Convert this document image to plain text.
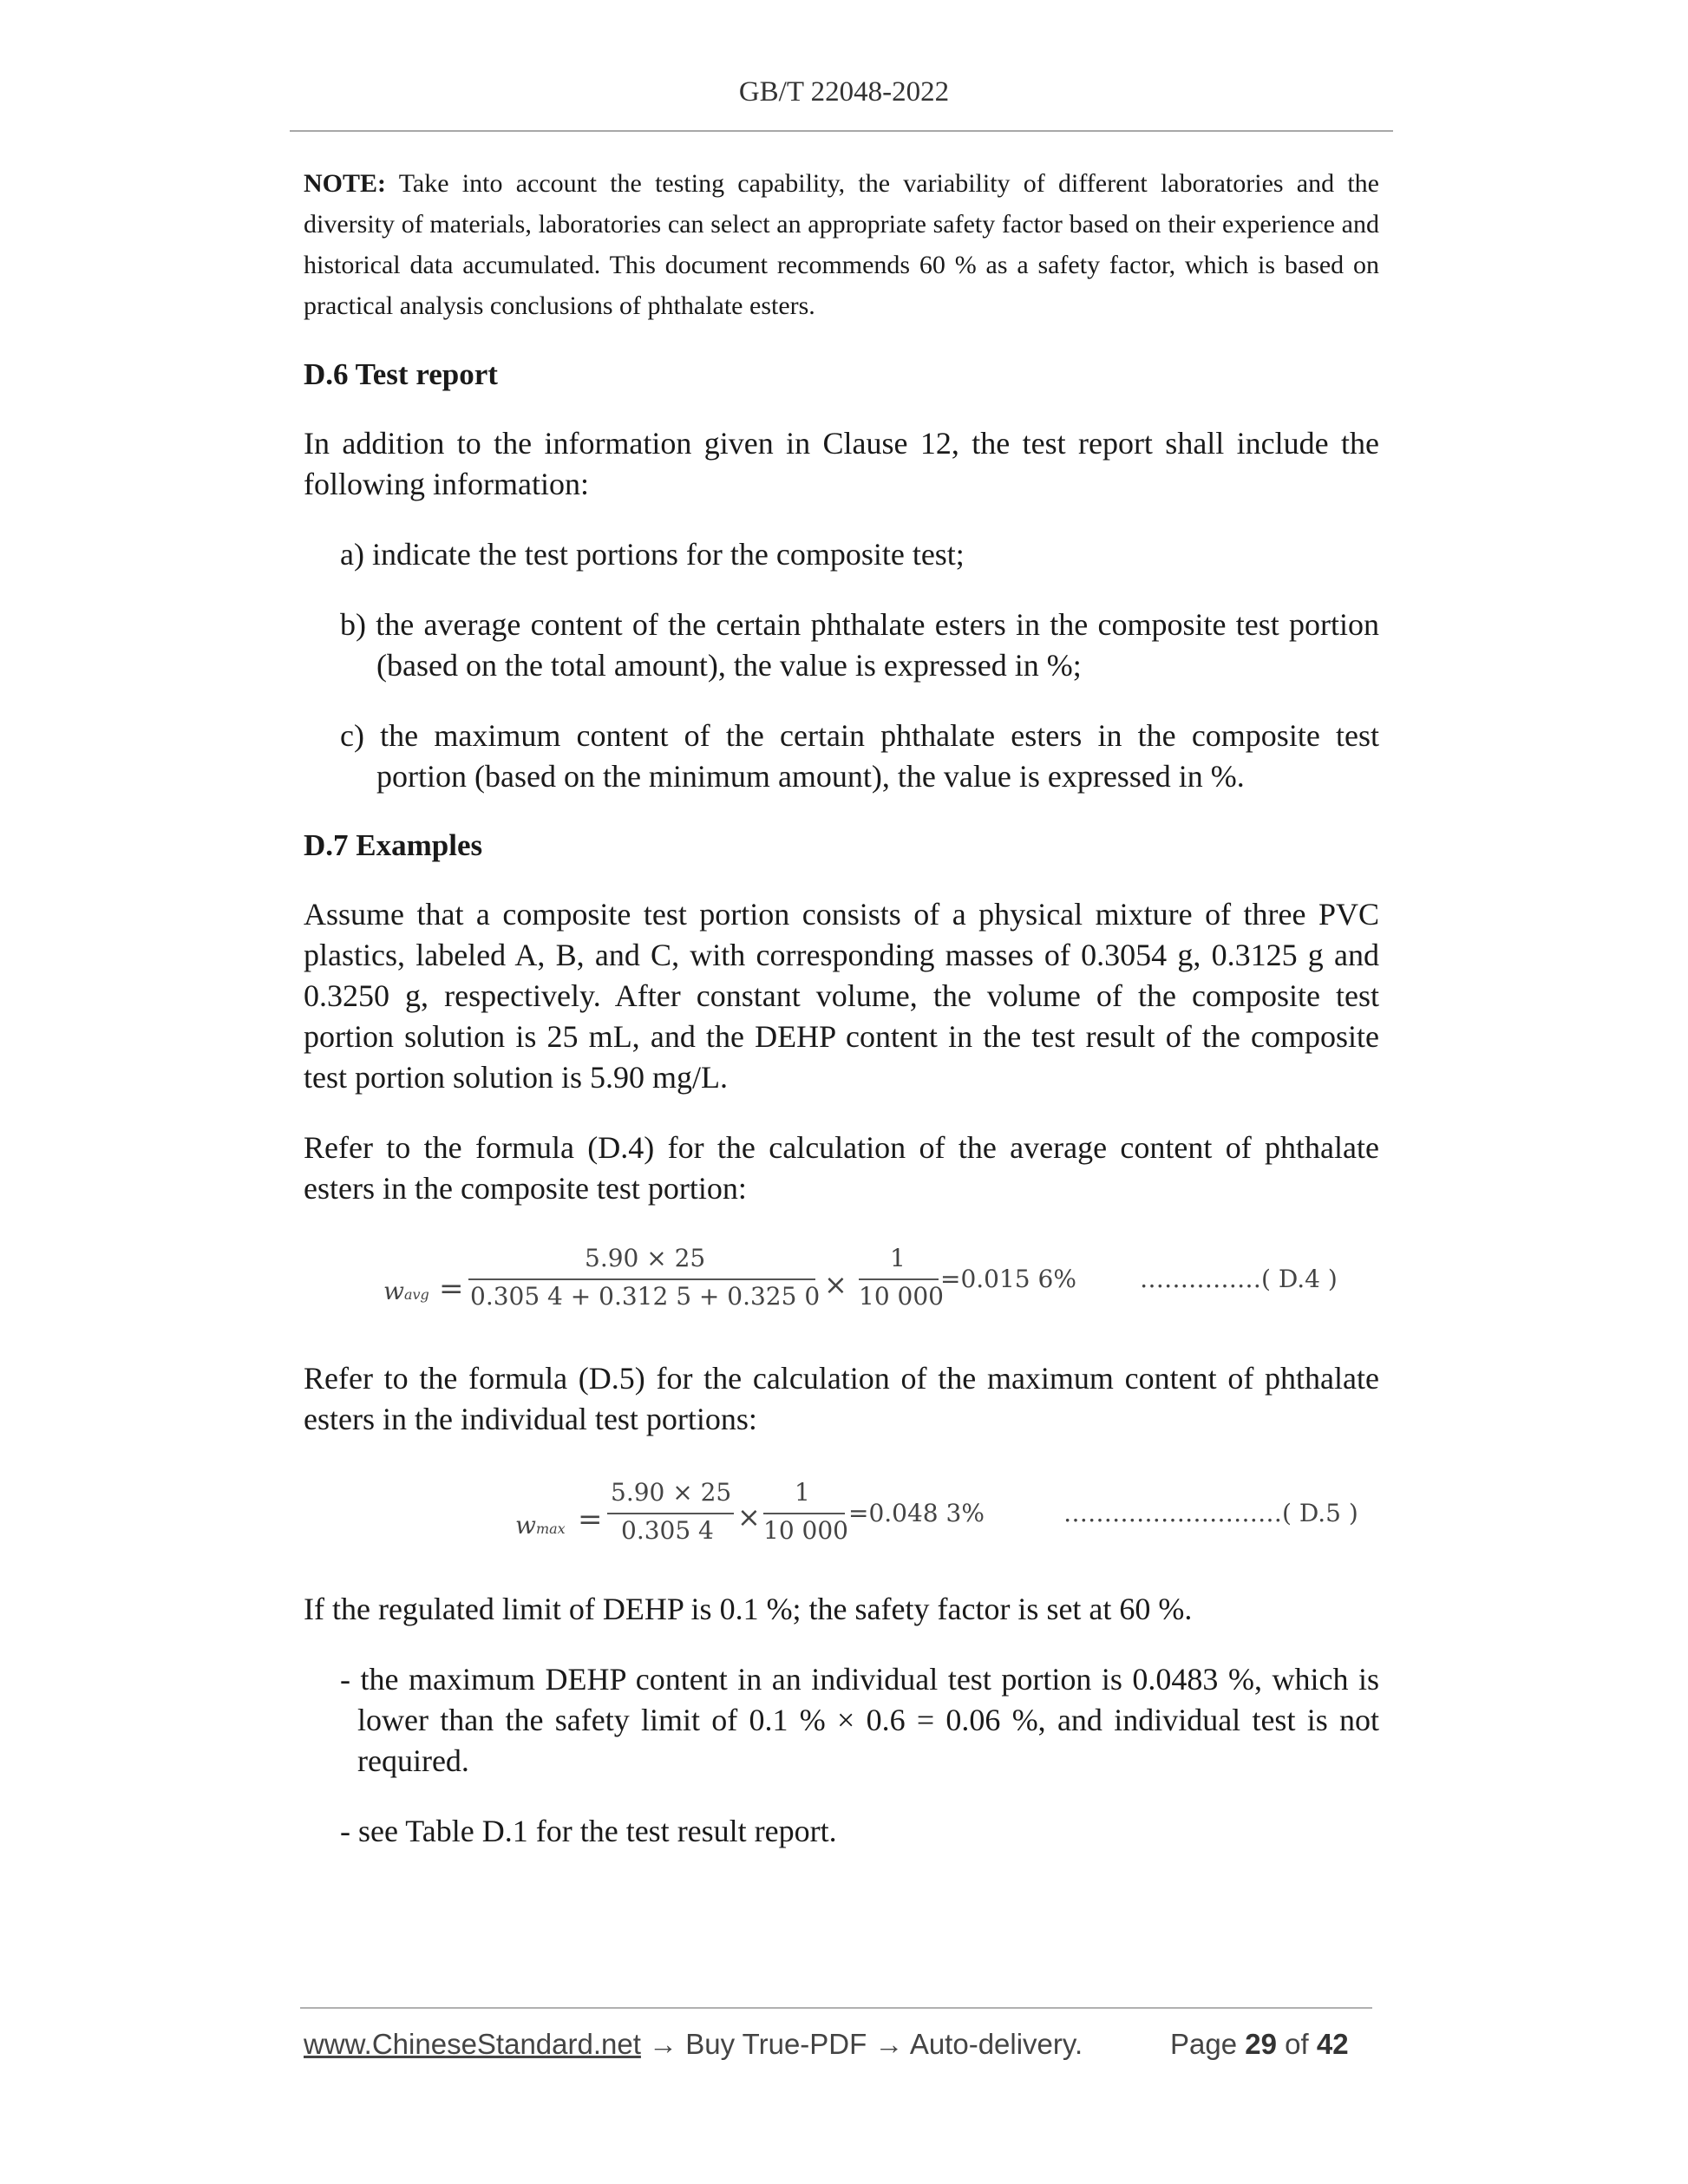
GB/T 22048-2022

NOTE: Take into account the testing capability, the variability of different laboratories and the diversity of materials, laboratories can select an appropriate safety factor based on their experience and historical data accumulated. This document recommends 60 % as a safety factor, which is based on practical analysis conclusions of phthalate esters.

D.6 Test report

In addition to the information given in Clause 12, the test report shall include the following information:

a) indicate the test portions for the composite test;

b) the average content of the certain phthalate esters in the composite test portion (based on the total amount), the value is expressed in %;

c) the maximum content of the certain phthalate esters in the composite test portion (based on the minimum amount), the value is expressed in %.

D.7 Examples

Assume that a composite test portion consists of a physical mixture of three PVC plastics, labeled A, B, and C, with corresponding masses of 0.3054 g, 0.3125 g and 0.3250 g, respectively. After constant volume, the volume of the composite test portion solution is 25 mL, and the DEHP content in the test result of the composite test portion solution is 5.90 mg/L.

Refer to the formula (D.4) for the calculation of the average content of phthalate esters in the composite test portion:

wavg =
5.90 × 25
0.305 4 + 0.312 5 + 0.325 0 ×
1
10 000
=0.015 6%	……………( D.4 )

Refer to the formula (D.5) for the calculation of the maximum content of phthalate esters in the individual test portions:

wmax =
5.90 × 25
0.305 4 ×
1
10 000
=0.048 3%	………………………( D.5 )

If the regulated limit of DEHP is 0.1 %; the safety factor is set at 60 %.

- the maximum DEHP content in an individual test portion is 0.0483 %, which is lower than the safety limit of 0.1 % × 0.6 = 0.06 %, and individual test is not required.

- see Table D.1 for the test result report.

www.ChineseStandard.net → Buy True-PDF → Auto-delivery.	Page 29 of 42
